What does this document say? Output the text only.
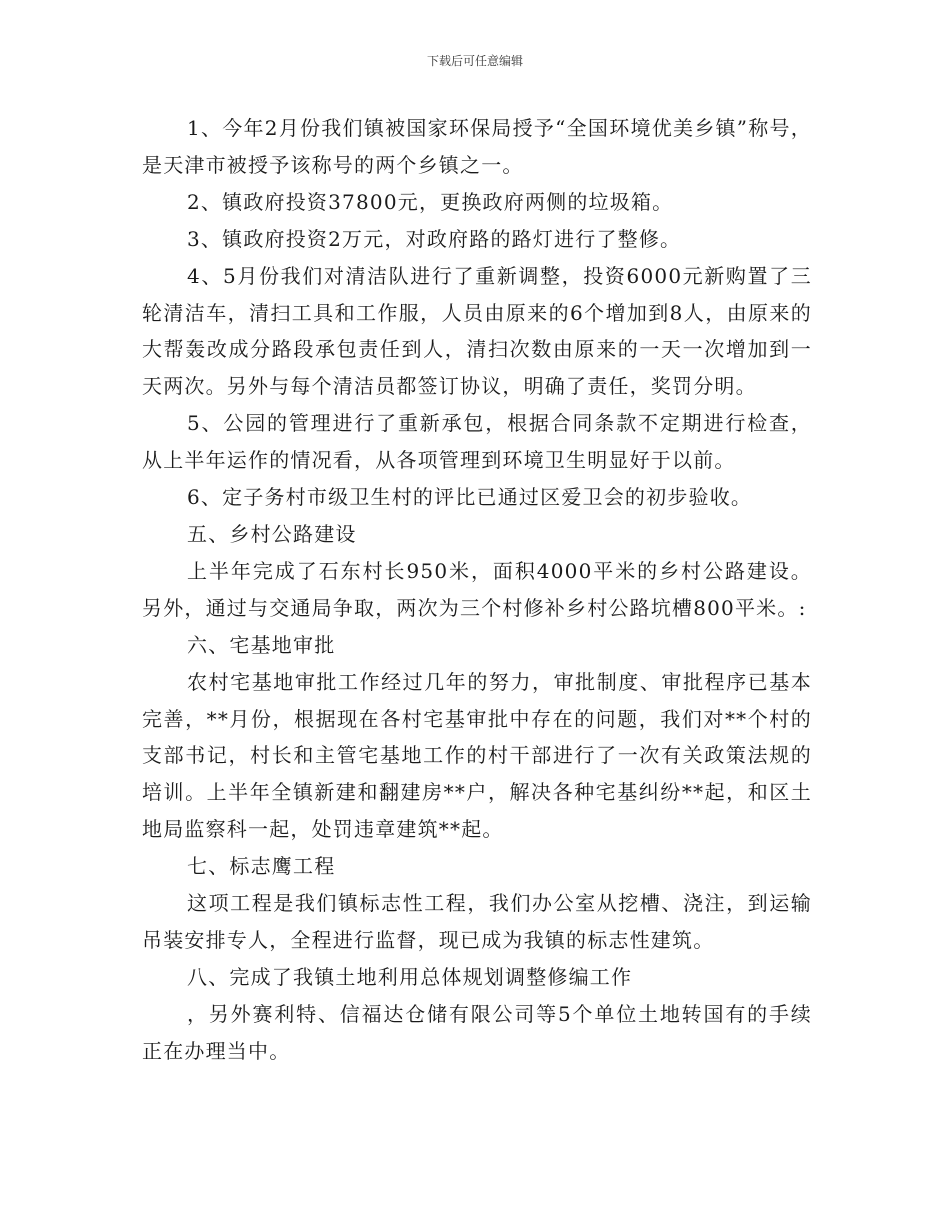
下载后可任意编辑

1、今年2月份我们镇被国家环保局授予“全国环境优美乡镇”称号，是天津市被授予该称号的两个乡镇之一。

2、镇政府投资37800元，更换政府两侧的垃圾箱。

3、镇政府投资2万元，对政府路的路灯进行了整修。

4、5月份我们对清洁队进行了重新调整，投资6000元新购置了三轮清洁车，清扫工具和工作服，人员由原来的6个增加到8人，由原来的大帮轰改成分路段承包责任到人，清扫次数由原来的一天一次增加到一天两次。另外与每个清洁员都签订协议，明确了责任，奖罚分明。

5、公园的管理进行了重新承包，根据合同条款不定期进行检查，从上半年运作的情况看，从各项管理到环境卫生明显好于以前。

6、定子务村市级卫生村的评比已通过区爱卫会的初步验收。

五、乡村公路建设

上半年完成了石东村长950米，面积4000平米的乡村公路建设。另外，通过与交通局争取，两次为三个村修补乡村公路坑槽800平米。:

六、宅基地审批

农村宅基地审批工作经过几年的努力，审批制度、审批程序已基本完善，**月份，根据现在各村宅基审批中存在的问题，我们对**个村的支部书记，村长和主管宅基地工作的村干部进行了一次有关政策法规的培训。上半年全镇新建和翻建房**户，解决各种宅基纠纷**起，和区土地局监察科一起，处罚违章建筑**起。

七、标志鹰工程

这项工程是我们镇标志性工程，我们办公室从挖槽、浇注，到运输吊装安排专人，全程进行监督，现已成为我镇的标志性建筑。

八、完成了我镇土地利用总体规划调整修编工作

，另外赛利特、信福达仓储有限公司等5个单位土地转国有的手续正在办理当中。
